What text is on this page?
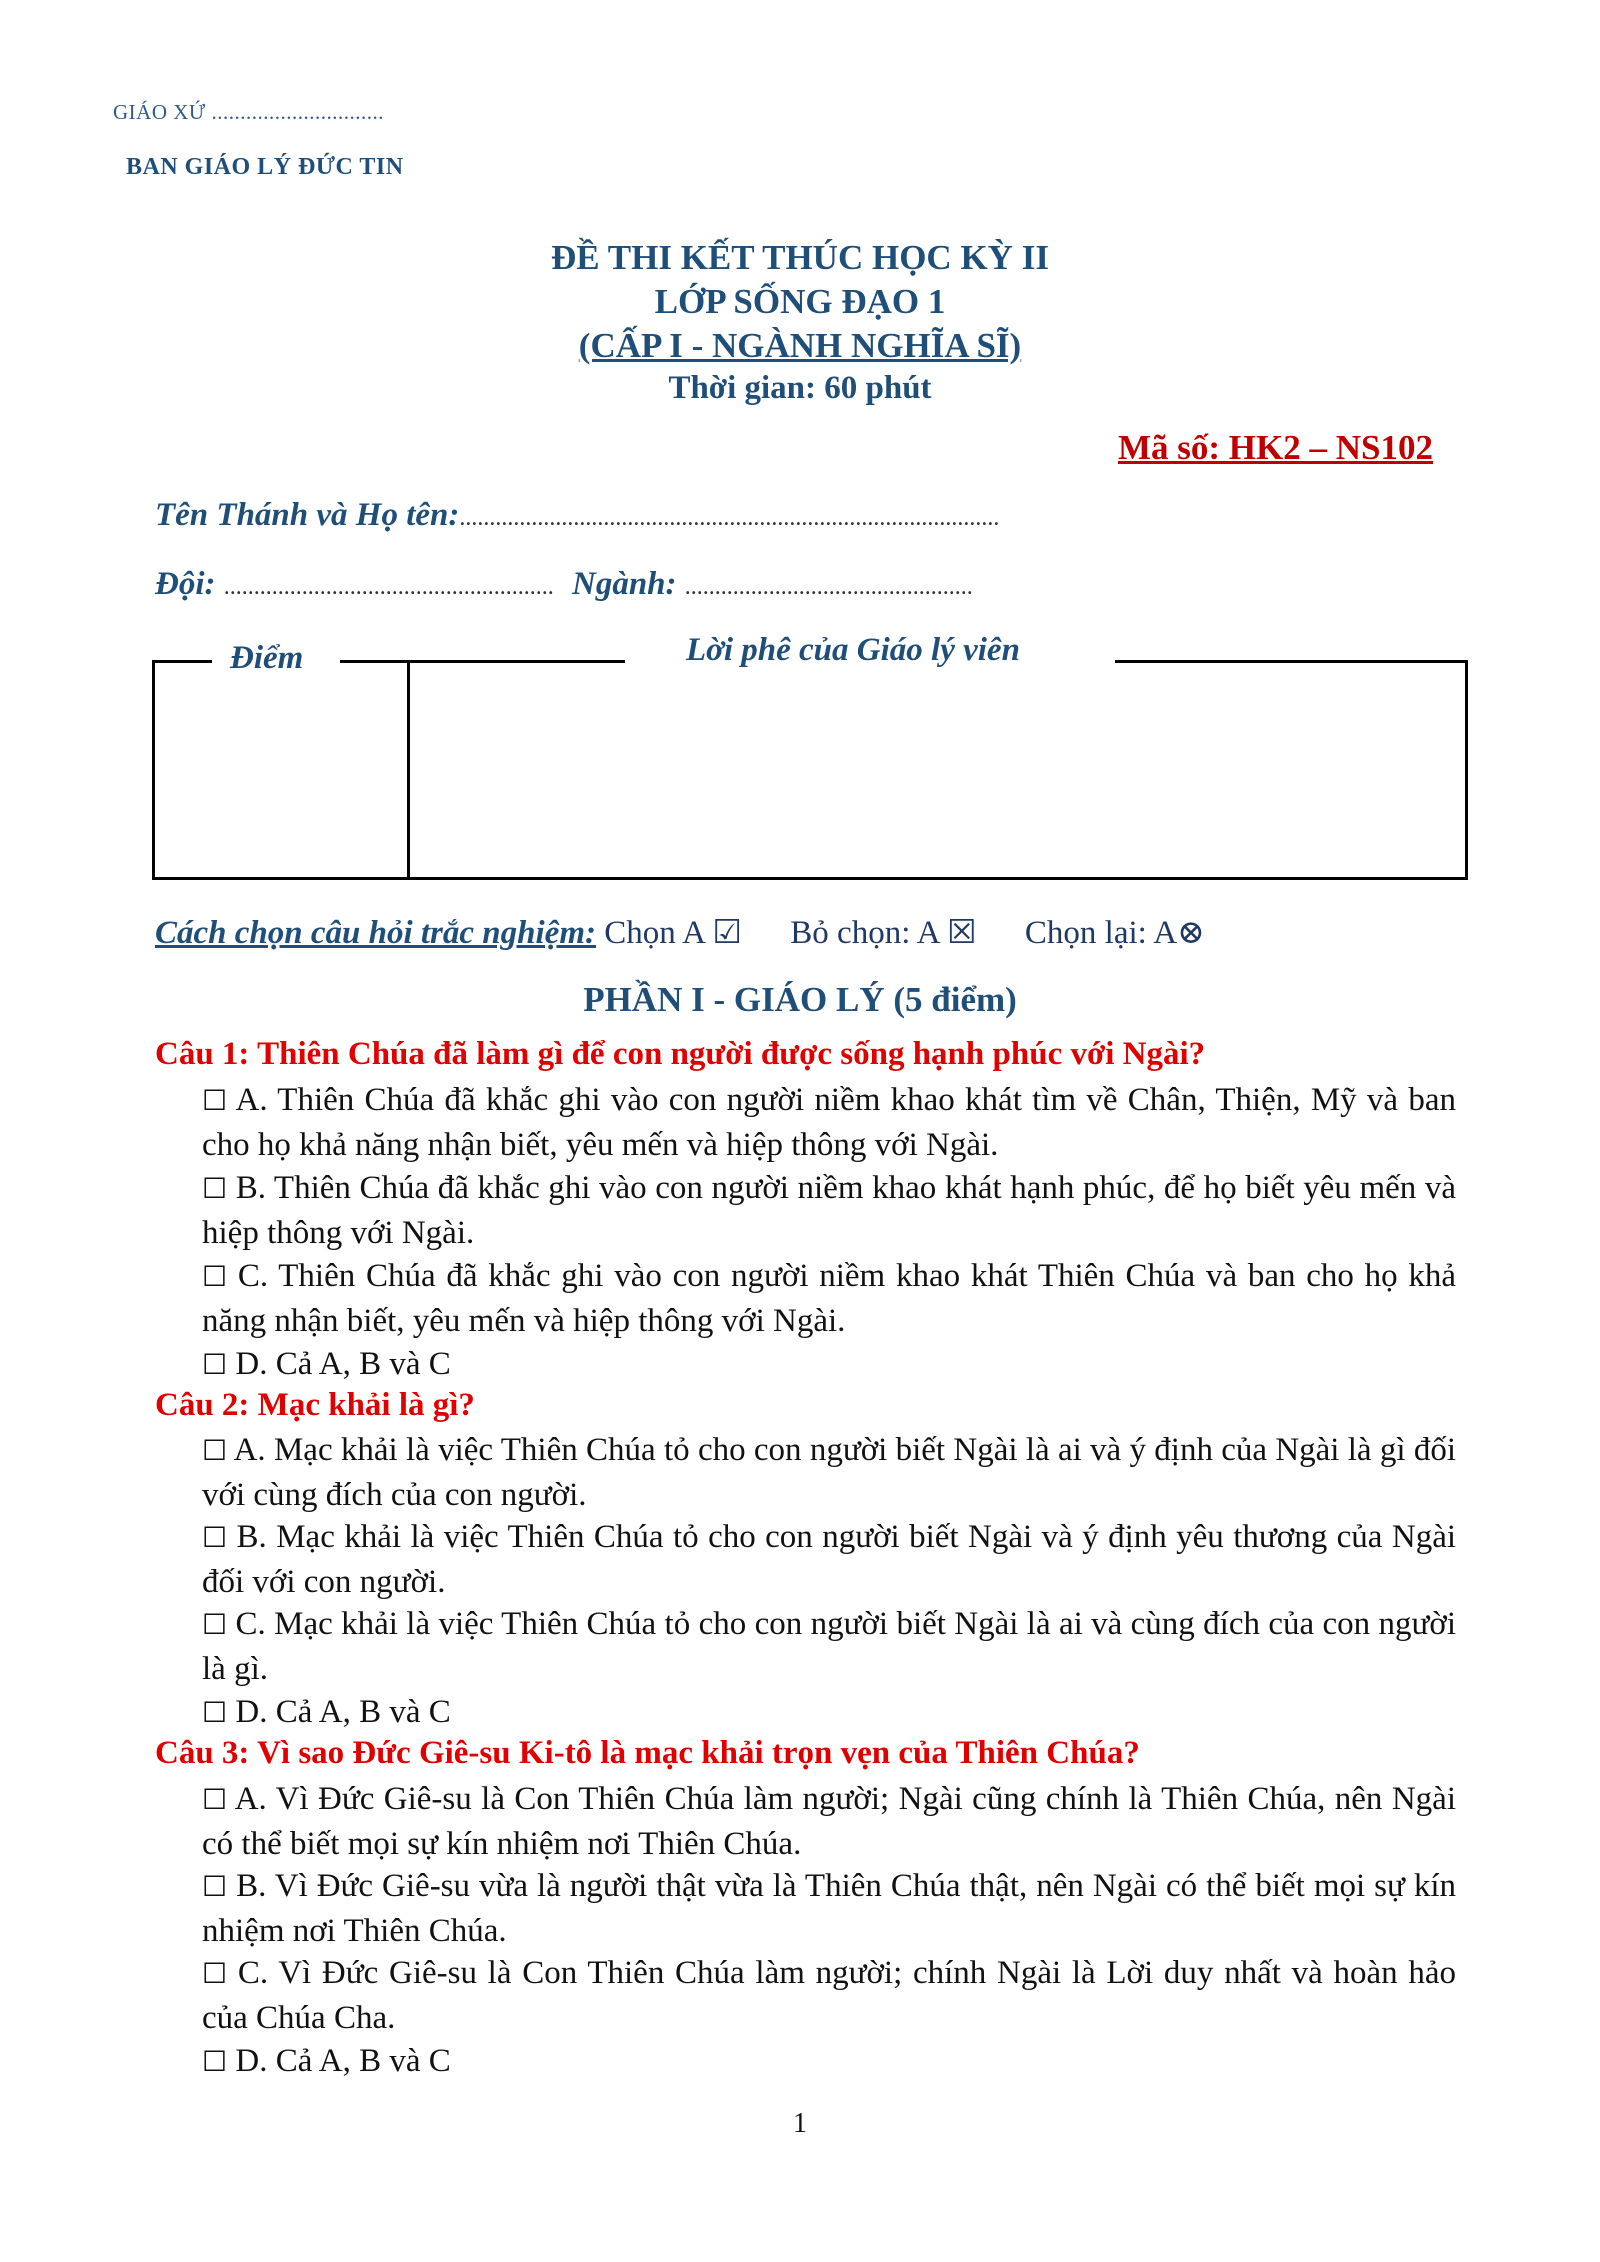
GIÁO XỨ ..............................
BAN GIÁO LÝ ĐỨC TIN
ĐỀ THI KẾT THÚC HỌC KỲ II
LỚP SỐNG ĐẠO 1
(CẤP I - NGÀNH NGHĨA SĨ)
Thời gian: 60 phút
Mã số: HK2 – NS102
Tên Thánh và Họ tên:..........................................................................................
Đội: ....................................................... Ngành: ................................................
Điểm	Lời phê của Giáo lý viên
Cách chọn câu hỏi trắc nghiệm: Chọn A ☑ Bỏ chọn: A ☒ Chọn lại: A⊗
PHẦN I - GIÁO LÝ (5 điểm)
Câu 1: Thiên Chúa đã làm gì để con người được sống hạnh phúc với Ngài?
☐ A. Thiên Chúa đã khắc ghi vào con người niềm khao khát tìm về Chân, Thiện, Mỹ và ban cho họ khả năng nhận biết, yêu mến và hiệp thông với Ngài.
☐ B. Thiên Chúa đã khắc ghi vào con người niềm khao khát hạnh phúc, để họ biết yêu mến và hiệp thông với Ngài.
☐ C. Thiên Chúa đã khắc ghi vào con người niềm khao khát Thiên Chúa và ban cho họ khả năng nhận biết, yêu mến và hiệp thông với Ngài.
☐ D. Cả A, B và C
Câu 2: Mạc khải là gì?
☐ A. Mạc khải là việc Thiên Chúa tỏ cho con người biết Ngài là ai và ý định của Ngài là gì đối với cùng đích của con người.
☐ B. Mạc khải là việc Thiên Chúa tỏ cho con người biết Ngài và ý định yêu thương của Ngài đối với con người.
☐ C. Mạc khải là việc Thiên Chúa tỏ cho con người biết Ngài là ai và cùng đích của con người là gì.
☐ D. Cả A, B và C
Câu 3: Vì sao Đức Giê-su Ki-tô là mạc khải trọn vẹn của Thiên Chúa?
☐ A. Vì Đức Giê-su là Con Thiên Chúa làm người; Ngài cũng chính là Thiên Chúa, nên Ngài có thể biết mọi sự kín nhiệm nơi Thiên Chúa.
☐ B. Vì Đức Giê-su vừa là người thật vừa là Thiên Chúa thật, nên Ngài có thể biết mọi sự kín nhiệm nơi Thiên Chúa.
☐ C. Vì Đức Giê-su là Con Thiên Chúa làm người; chính Ngài là Lời duy nhất và hoàn hảo của Chúa Cha.
☐ D. Cả A, B và C
1
